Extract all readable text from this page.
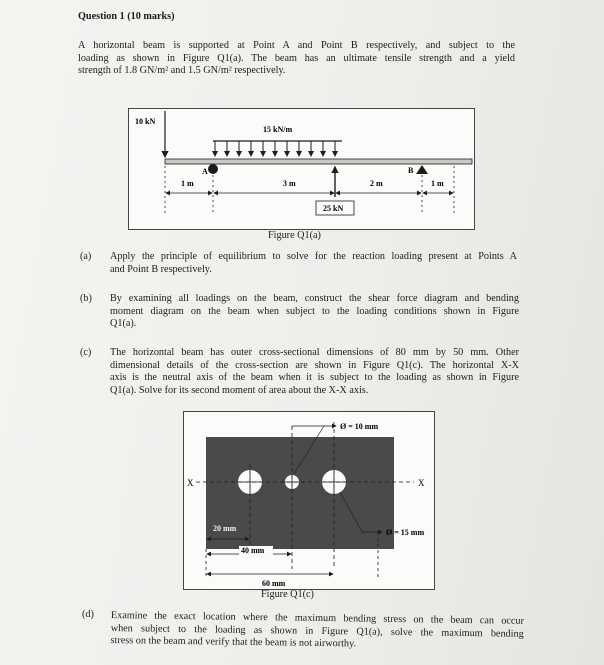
Question 1 (10 marks)
A horizontal beam is supported at Point A and Point B respectively, and subject to the
loading as shown in Figure Q1(a). The beam has an ultimate tensile strength and a yield
strength of 1.8 GN/m² and 1.5 GN/m² respectively.
10 kN
15 kN/m
A	B
1 m	3 m	2 m	1 m
25 kN
Figure Q1(a)
(a) Apply the principle of equilibrium to solve for the reaction loading present at Points A
and Point B respectively.
(b) By examining all loadings on the beam, construct the shear force diagram and bending
moment diagram on the beam when subject to the loading conditions shown in Figure
Q1(a).
(c) The horizontal beam has outer cross-sectional dimensions of 80 mm by 50 mm. Other
dimensional details of the cross-section are shown in Figure Q1(c). The horizontal X-X
axis is the neutral axis of the beam when it is subject to the loading as shown in Figure
Q1(a). Solve for its second moment of area about the X-X axis.
X	X
Ø = 10 mm
Ø = 15 mm
20 mm
40 mm
60 mm
Figure Q1(c)
(d) Examine the exact location where the maximum bending stress on the beam can occur
when subject to the loading as shown in Figure Q1(a), solve the maximum bending
stress on the beam and verify that the beam is not airworthy.
